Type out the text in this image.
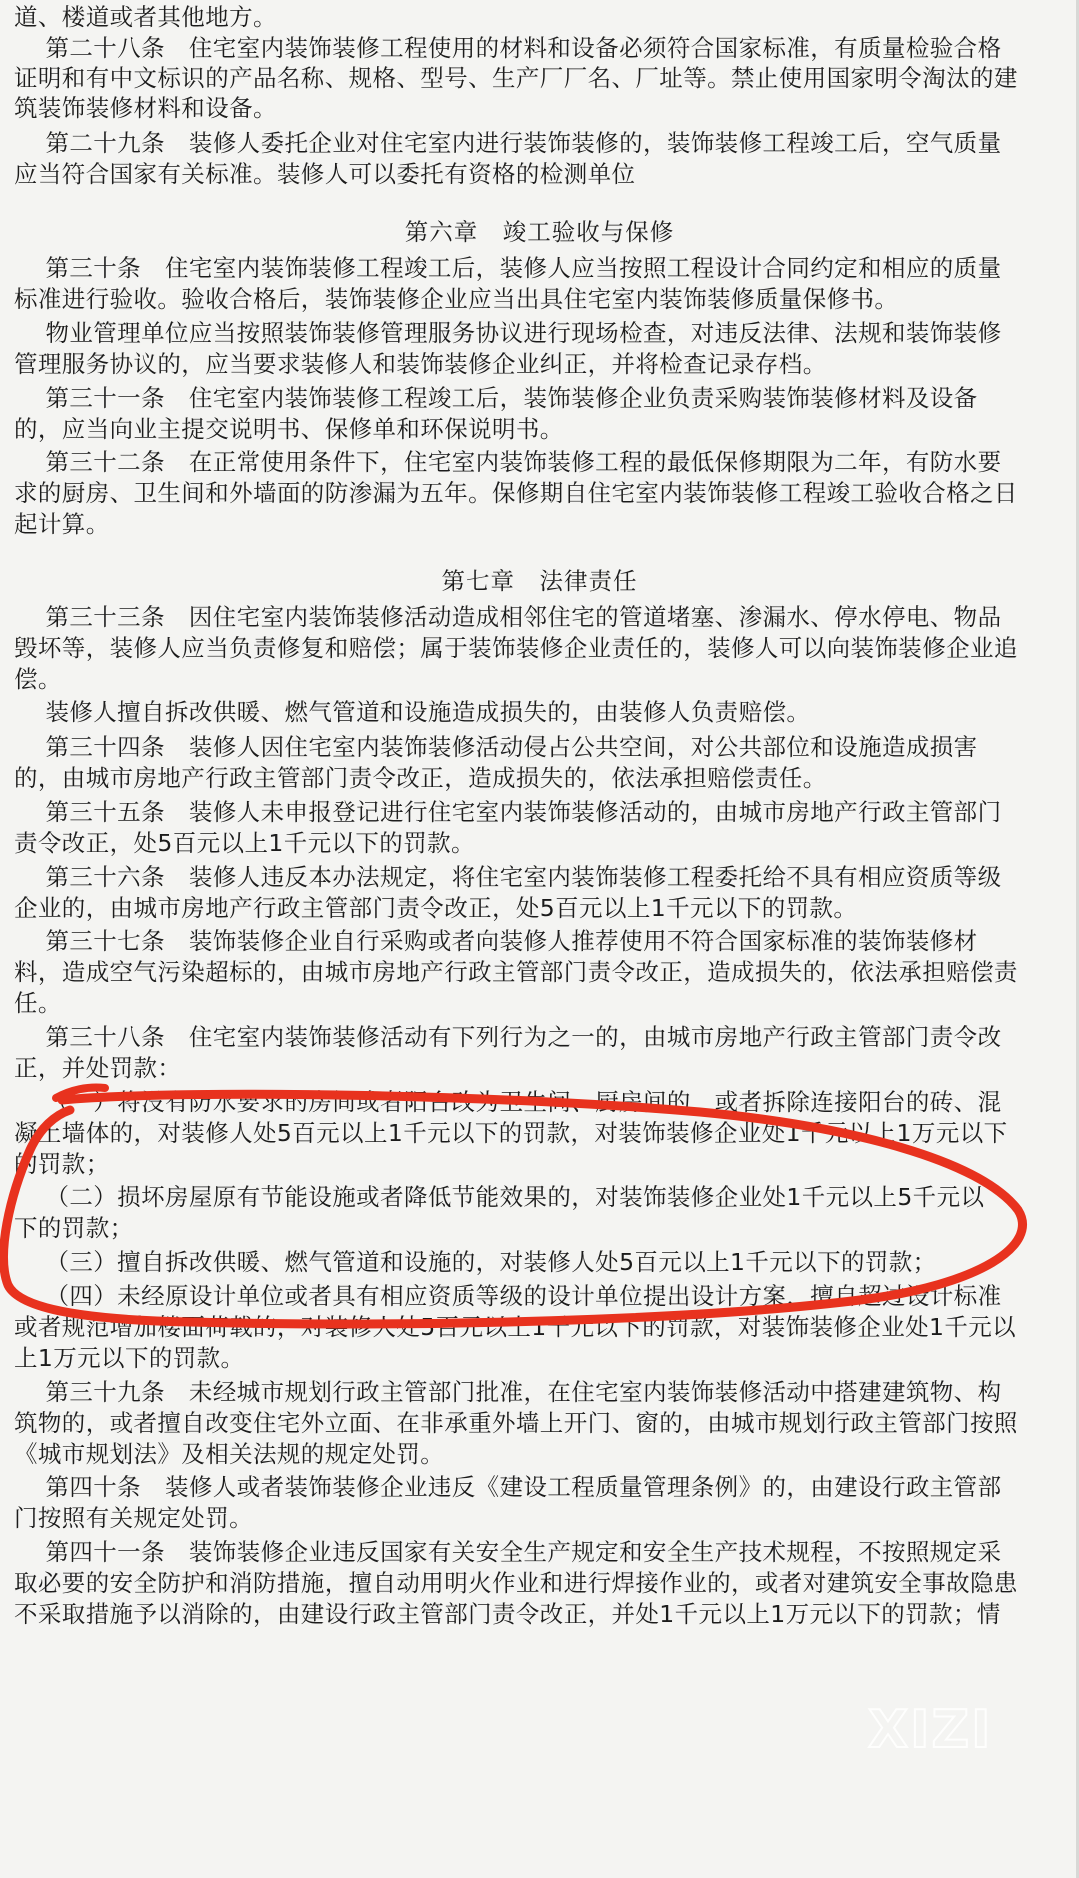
道、楼道或者其他地方。
第二十八条　住宅室内装饰装修工程使用的材料和设备必须符合国家标准，有质量检验合格
证明和有中文标识的产品名称、规格、型号、生产厂厂名、厂址等。禁止使用国家明令淘汰的建
筑装饰装修材料和设备。
第二十九条　装修人委托企业对住宅室内进行装饰装修的，装饰装修工程竣工后，空气质量
应当符合国家有关标准。装修人可以委托有资格的检测单位
第六章　竣工验收与保修
第三十条　住宅室内装饰装修工程竣工后，装修人应当按照工程设计合同约定和相应的质量
标准进行验收。验收合格后，装饰装修企业应当出具住宅室内装饰装修质量保修书。
物业管理单位应当按照装饰装修管理服务协议进行现场检查，对违反法律、法规和装饰装修
管理服务协议的，应当要求装修人和装饰装修企业纠正，并将检查记录存档。
第三十一条　住宅室内装饰装修工程竣工后，装饰装修企业负责采购装饰装修材料及设备
的，应当向业主提交说明书、保修单和环保说明书。
第三十二条　在正常使用条件下，住宅室内装饰装修工程的最低保修期限为二年，有防水要
求的厨房、卫生间和外墙面的防渗漏为五年。保修期自住宅室内装饰装修工程竣工验收合格之日
起计算。
第七章　法律责任
第三十三条　因住宅室内装饰装修活动造成相邻住宅的管道堵塞、渗漏水、停水停电、物品
毁坏等，装修人应当负责修复和赔偿；属于装饰装修企业责任的，装修人可以向装饰装修企业追
偿。
装修人擅自拆改供暖、燃气管道和设施造成损失的，由装修人负责赔偿。
第三十四条　装修人因住宅室内装饰装修活动侵占公共空间，对公共部位和设施造成损害
的，由城市房地产行政主管部门责令改正，造成损失的，依法承担赔偿责任。
第三十五条　装修人未申报登记进行住宅室内装饰装修活动的，由城市房地产行政主管部门
责令改正，处5百元以上1千元以下的罚款。
第三十六条　装修人违反本办法规定，将住宅室内装饰装修工程委托给不具有相应资质等级
企业的，由城市房地产行政主管部门责令改正，处5百元以上1千元以下的罚款。
第三十七条　装饰装修企业自行采购或者向装修人推荐使用不符合国家标准的装饰装修材
料，造成空气污染超标的，由城市房地产行政主管部门责令改正，造成损失的，依法承担赔偿责
任。
第三十八条　住宅室内装饰装修活动有下列行为之一的，由城市房地产行政主管部门责令改
正，并处罚款：
（一）将没有防水要求的房间或者阳台改为卫生间、厨房间的，或者拆除连接阳台的砖、混
凝土墙体的，对装修人处5百元以上1千元以下的罚款，对装饰装修企业处1千元以上1万元以下
的罚款；
（二）损坏房屋原有节能设施或者降低节能效果的，对装饰装修企业处1千元以上5千元以
下的罚款；
（三）擅自拆改供暖、燃气管道和设施的，对装修人处5百元以上1千元以下的罚款；
（四）未经原设计单位或者具有相应资质等级的设计单位提出设计方案，擅自超过设计标准
或者规范增加楼面荷载的，对装修人处5百元以上1千元以下的罚款，对装饰装修企业处1千元以
上1万元以下的罚款。
第三十九条　未经城市规划行政主管部门批准，在住宅室内装饰装修活动中搭建建筑物、构
筑物的，或者擅自改变住宅外立面、在非承重外墙上开门、窗的，由城市规划行政主管部门按照
《城市规划法》及相关法规的规定处罚。
第四十条　装修人或者装饰装修企业违反《建设工程质量管理条例》的，由建设行政主管部
门按照有关规定处罚。
第四十一条　装饰装修企业违反国家有关安全生产规定和安全生产技术规程，不按照规定采
取必要的安全防护和消防措施，擅自动用明火作业和进行焊接作业的，或者对建筑安全事故隐患
不采取措施予以消除的，由建设行政主管部门责令改正，并处1千元以上1万元以下的罚款；情
XIZI
